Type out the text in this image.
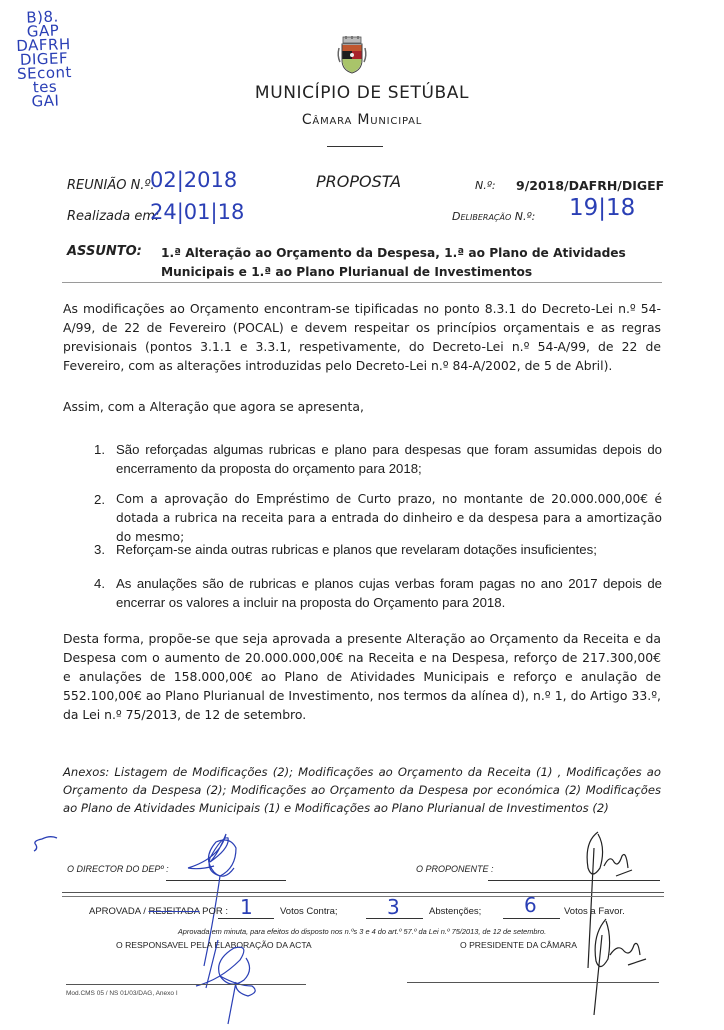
B)8.
GAP
DAFRH
DIGEF
SEcont
tes
GAI	MUNICÍPIO DE SETÚBAL
Câmara Municipal
REUNIÃO N.º:
02|2018	PROPOSTA	N.º: 9/2018/DAFRH/DIGEF
Realizada em:
24|01|18	Deliberação N.º: 19|18
ASSUNTO: 1.ª Alteração ao Orçamento da Despesa, 1.ª ao Plano de Atividades Municipais e 1.ª ao Plano Plurianual de Investimentos
As modificações ao Orçamento encontram-se tipificadas no ponto 8.3.1 do Decreto-Lei n.º 54-A/99, de 22 de Fevereiro (POCAL) e devem respeitar os princípios orçamentais e as regras previsionais (pontos 3.1.1 e 3.3.1, respetivamente, do Decreto-Lei n.º 54-A/99, de 22 de Fevereiro, com as alterações introduzidas pelo Decreto-Lei n.º 84-A/2002, de 5 de Abril).
Assim, com a Alteração que agora se apresenta,
1. São reforçadas algumas rubricas e plano para despesas que foram assumidas depois do encerramento da proposta do orçamento para 2018;
2. Com a aprovação do Empréstimo de Curto prazo, no montante de 20.000.000,00€ é dotada a rubrica na receita para a entrada do dinheiro e da despesa para a amortização do mesmo;
3. Reforçam-se ainda outras rubricas e planos que revelaram dotações insuficientes;
4. As anulações são de rubricas e planos cujas verbas foram pagas no ano 2017 depois de encerrar os valores a incluir na proposta do Orçamento para 2018.
Desta forma, propõe-se que seja aprovada a presente Alteração ao Orçamento da Receita e da Despesa com o aumento de 20.000.000,00€ na Receita e na Despesa, reforço de 217.300,00€ e anulações de 158.000,00€ ao Plano de Atividades Municipais e reforço e anulação de 552.100,00€ ao Plano Plurianual de Investimento, nos termos da alínea d), n.º 1, do Artigo 33.º, da Lei n.º 75/2013, de 12 de setembro.
Anexos: Listagem de Modificações (2); Modificações ao Orçamento da Receita (1) , Modificações ao Orçamento da Despesa (2); Modificações ao Orçamento da Despesa por económica (2) Modificações ao Plano de Atividades Municipais (1) e Modificações ao Plano Plurianual de Investimentos (2)
O DIRECTOR DO DEPº :	O PROPONENTE :
APROVADA / REJEITADA POR : 1	Votos Contra; 3	Abstenções; 6	Votos a Favor.
Aprovada em minuta, para efeitos do disposto nos n.ºs 3 e 4 do art.º 57.º da Lei n.º 75/2013, de 12 de setembro.
O RESPONSAVEL PELA ELABORAÇÃO DA ACTA	O PRESIDENTE DA CÂMARA
Mod.CMS 05 / NS 01/03/DAG, Anexo I
